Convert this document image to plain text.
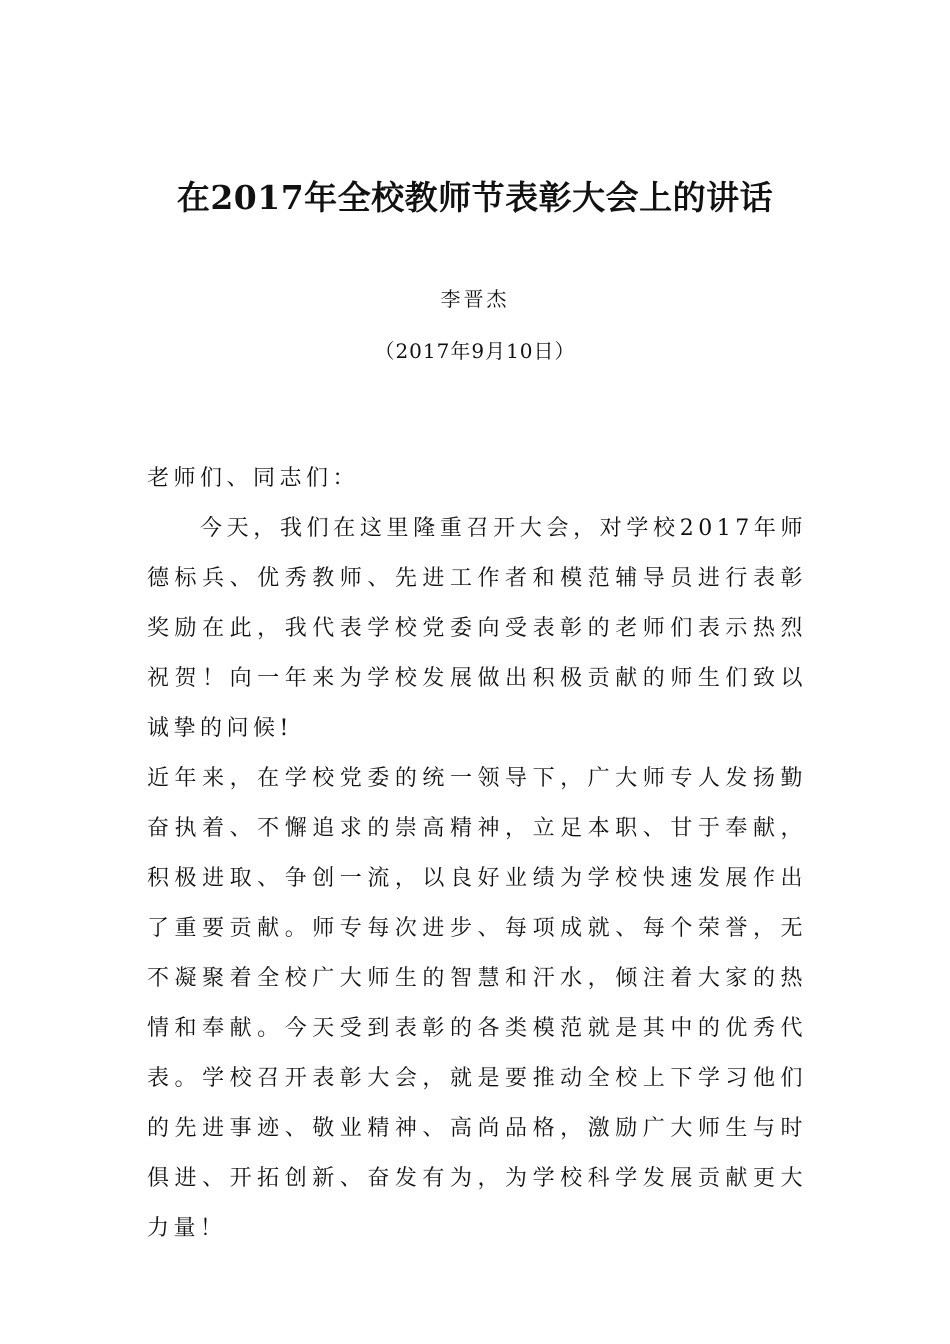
在2017年全校教师节表彰大会上的讲话
李晋杰
（2017年9月10日）

老师们、同志们：

今天，我们在这里隆重召开大会，对学校2017年师德标兵、优秀教师、先进工作者和模范辅导员进行表彰奖励在此，我代表学校党委向受表彰的老师们表示热烈祝贺！向一年来为学校发展做出积极贡献的师生们致以诚挚的问候!

近年来，在学校党委的统一领导下，广大师专人发扬勤奋执着、不懈追求的崇高精神，立足本职、甘于奉献，积极进取、争创一流，以良好业绩为学校快速发展作出了重要贡献。师专每次进步、每项成就、每个荣誉，无不凝聚着全校广大师生的智慧和汗水，倾注着大家的热情和奉献。今天受到表彰的各类模范就是其中的优秀代表。学校召开表彰大会，就是要推动全校上下学习他们的先进事迹、敬业精神、高尚品格，激励广大师生与时俱进、开拓创新、奋发有为，为学校科学发展贡献更大力量！
